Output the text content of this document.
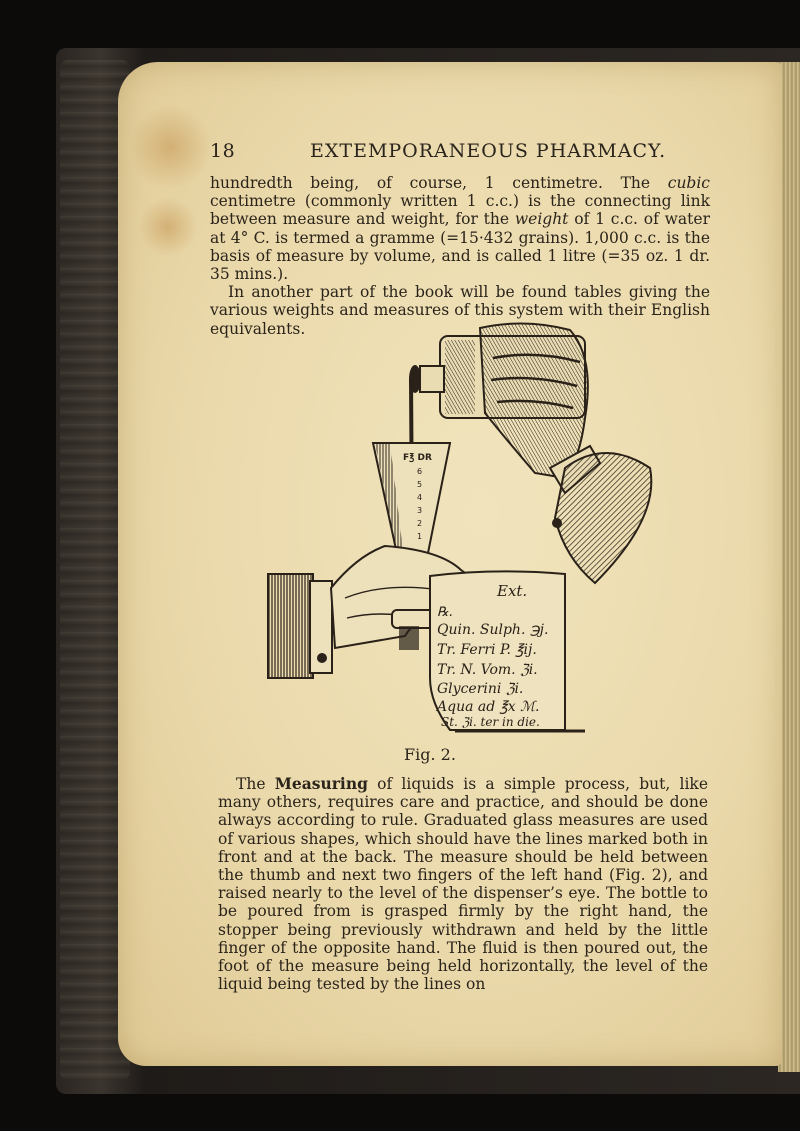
18	EXTEMPORANEOUS PHARMACY.
hundredth being, of course, 1 centimetre. The cubic centimetre (commonly written 1 c.c.) is the connecting link between measure and weight, for the weight of 1 c.c. of water at 4° C. is termed a gramme (=15·432 grains). 1,000 c.c. is the basis of measure by volume, and is called 1 litre (=35 oz. 1 dr. 35 mins.).
In another part of the book will be found tables giving the various weights and measures of this system with their English equivalents.
F℥ DR
6
5
4
3
2
1
Ext.
℞.
Quin. Sulph. ℈j.
Tr. Ferri P. ℥ij.
Tr. N. Vom. ℨi.
Glycerini ℨi.
Aqua ad ℥x ℳ.
St. ℨi. ter in die.
Fig. 2.
The Measuring of liquids is a simple process, but, like many others, requires care and practice, and should be done always according to rule. Graduated glass measures are used of various shapes, which should have the lines marked both in front and at the back. The measure should be held between the thumb and next two fingers of the left hand (Fig. 2), and raised nearly to the level of the dispenser’s eye. The bottle to be poured from is grasped firmly by the right hand, the stopper being previously withdrawn and held by the little finger of the opposite hand. The fluid is then poured out, the foot of the measure being held horizontally, the level of the liquid being tested by the lines on
